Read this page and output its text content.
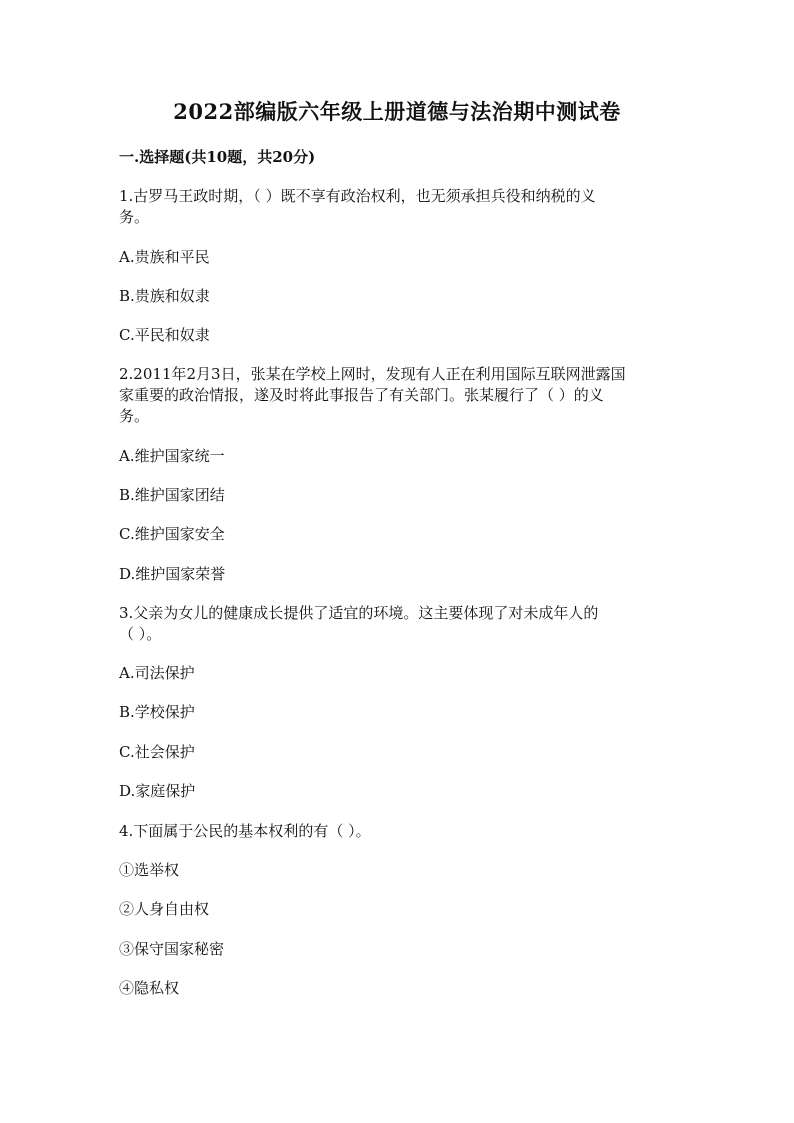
2022部编版六年级上册道德与法治期中测试卷
一.选择题(共10题，共20分)
1.古罗马王政时期，（ ）既不享有政治权利，也无须承担兵役和纳税的义
务。
A.贵族和平民
B.贵族和奴隶
C.平民和奴隶
2.2011年2月3日，张某在学校上网时，发现有人正在利用国际互联网泄露国
家重要的政治情报，遂及时将此事报告了有关部门。张某履行了（ ）的义
务。
A.维护国家统一
B.维护国家团结
C.维护国家安全
D.维护国家荣誉
3.父亲为女儿的健康成长提供了适宜的环境。这主要体现了对未成年人的
（ ）。
A.司法保护
B.学校保护
C.社会保护
D.家庭保护
4.下面属于公民的基本权利的有（ ）。
①选举权
②人身自由权
③保守国家秘密
④隐私权
